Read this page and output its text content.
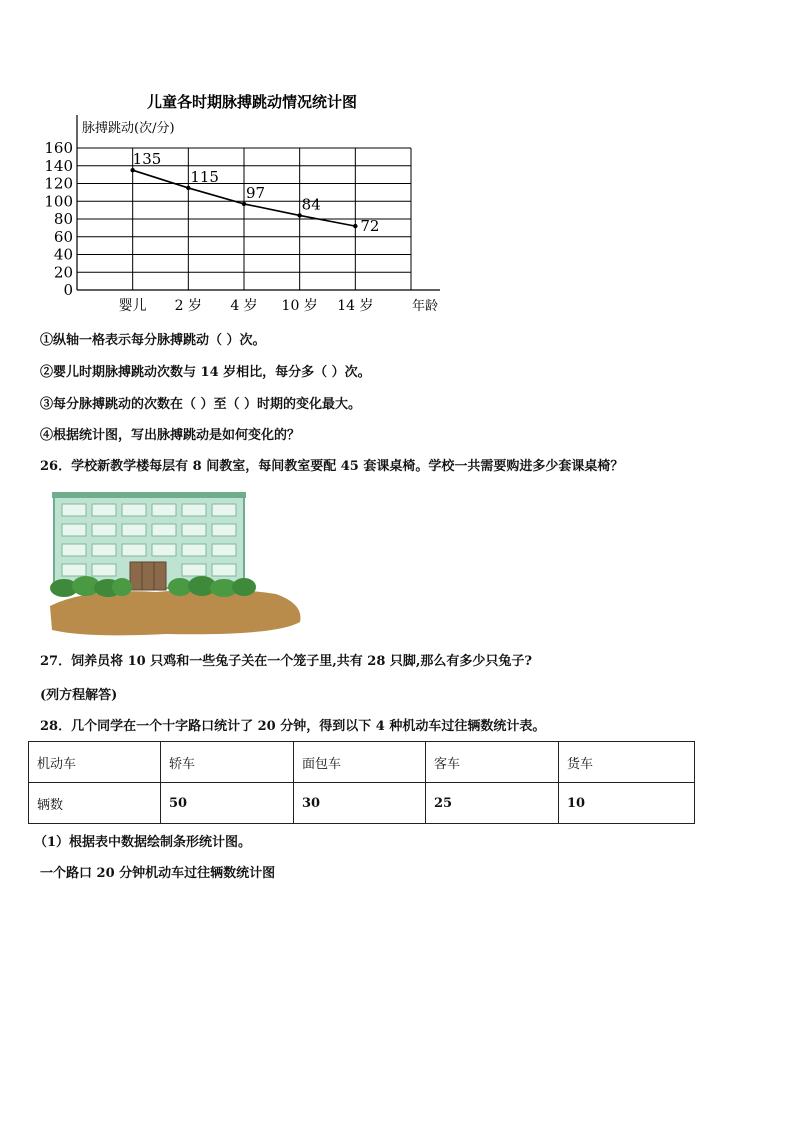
儿童各时期脉搏跳动情况统计图
脉搏跳动(次/分)
年龄
160
140
120
100
80
60
40
20
0
婴儿 2 岁 4 岁 10 岁 14 岁
135
115
97
84
72
①纵轴一格表示每分脉搏跳动（ ）次。
②婴儿时期脉搏跳动次数与 14 岁相比，每分多（ ）次。
③每分脉搏跳动的次数在（ ）至（ ）时期的变化最大。
④根据统计图，写出脉搏跳动是如何变化的？
26．学校新教学楼每层有 8 间教室，每间教室要配 45 套课桌椅。学校一共需要购进多少套课桌椅？
27．饲养员将 10 只鸡和一些兔子关在一个笼子里,共有 28 只脚,那么有多少只兔子?
(列方程解答)
28．几个同学在一个十字路口统计了 20 分钟，得到以下 4 种机动车过往辆数统计表。
机动车	轿车	面包车	客车	货车
辆数	50	30	25	10
（1）根据表中数据绘制条形统计图。
一个路口 20 分钟机动车过往辆数统计图
